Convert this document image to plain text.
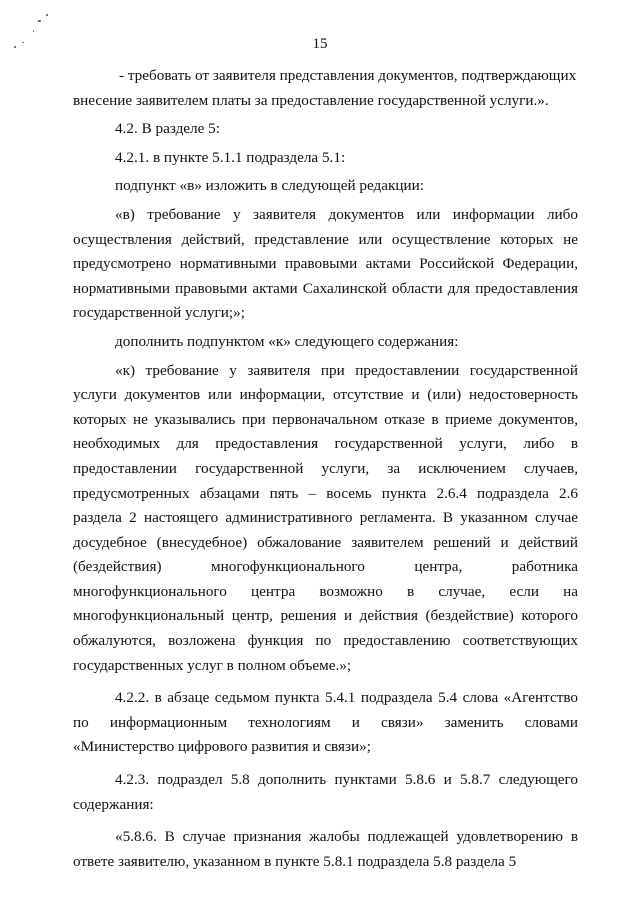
15

- требовать от заявителя представления документов, подтверждающих внесение заявителем платы за предоставление государственной услуги.».

4.2. В разделе 5:

4.2.1. в пункте 5.1.1 подраздела 5.1:

подпункт «в» изложить в следующей редакции:

«в) требование у заявителя документов или информации либо осуществления действий, представление или осуществление которых не предусмотрено нормативными правовыми актами Российской Федерации, нормативными правовыми актами Сахалинской области для предоставления государственной услуги;»;

дополнить подпунктом «к» следующего содержания:

«к) требование у заявителя при предоставлении государственной услуги документов или информации, отсутствие и (или) недостоверность которых не указывались при первоначальном отказе в приеме документов, необходимых для предоставления государственной услуги, либо в предоставлении государственной услуги, за исключением случаев, предусмотренных абзацами пять – восемь пункта 2.6.4 подраздела 2.6 раздела 2 настоящего административного регламента. В указанном случае досудебное (внесудебное) обжалование заявителем решений и действий (бездействия) многофункционального центра, работника многофункционального центра возможно в случае, если на многофункциональный центр, решения и действия (бездействие) которого обжалуются, возложена функция по предоставлению соответствующих государственных услуг в полном объеме.»;

4.2.2. в абзаце седьмом пункта 5.4.1 подраздела 5.4 слова «Агентство по информационным технологиям и связи» заменить словами «Министерство цифрового развития и связи»;

4.2.3. подраздел 5.8 дополнить пунктами 5.8.6 и 5.8.7 следующего содержания:

«5.8.6. В случае признания жалобы подлежащей удовлетворению в ответе заявителю, указанном в пункте 5.8.1 подраздела 5.8 раздела 5
